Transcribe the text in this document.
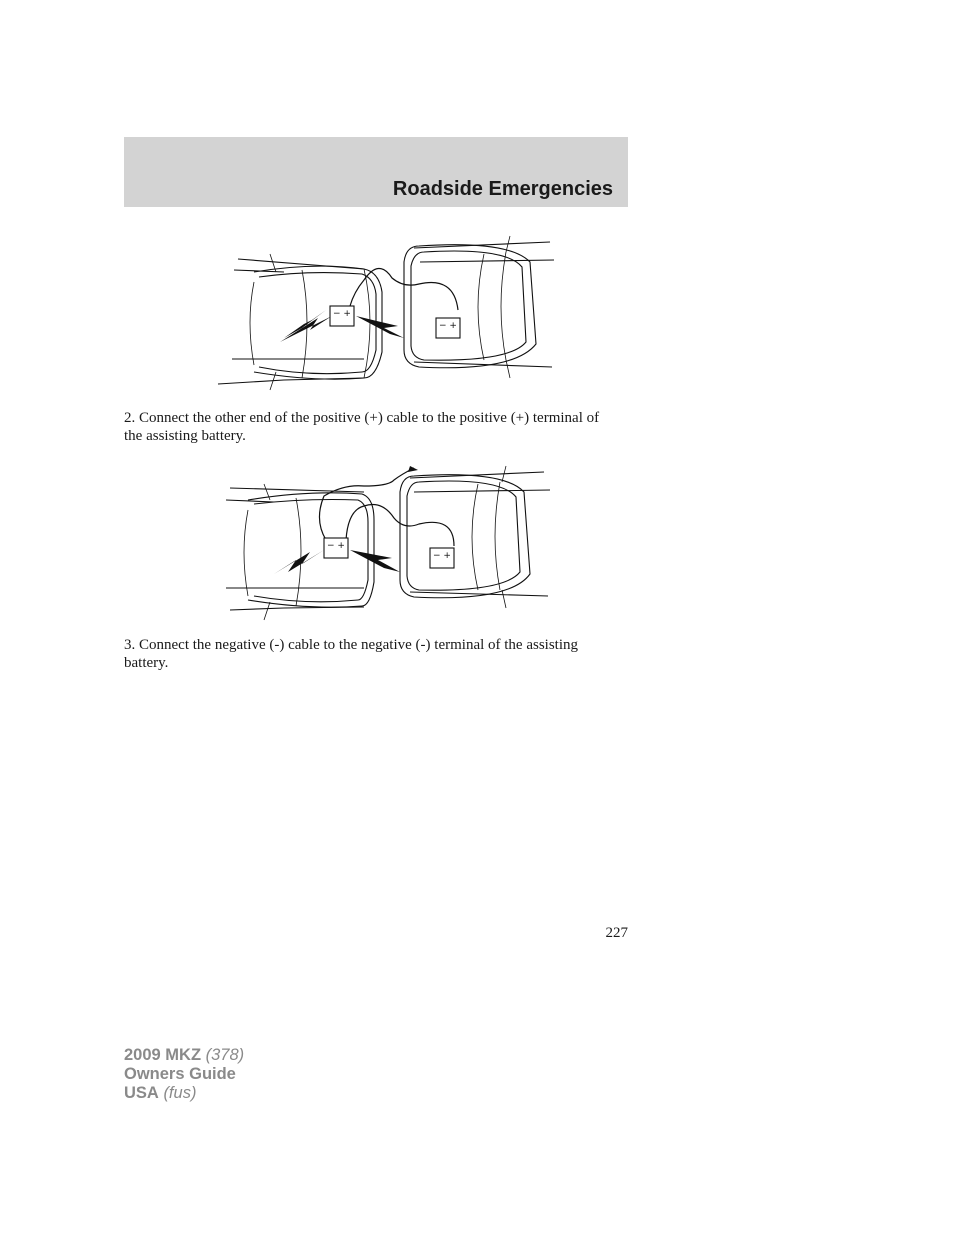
Roadside Emergencies
− +
− +

2. Connect the other end of the positive (+) cable to the positive (+) terminal of the assisting battery.

− +
− +

3. Connect the negative (-) cable to the negative (-) terminal of the assisting battery.

227
2009 MKZ (378)
Owners Guide
USA (fus)
